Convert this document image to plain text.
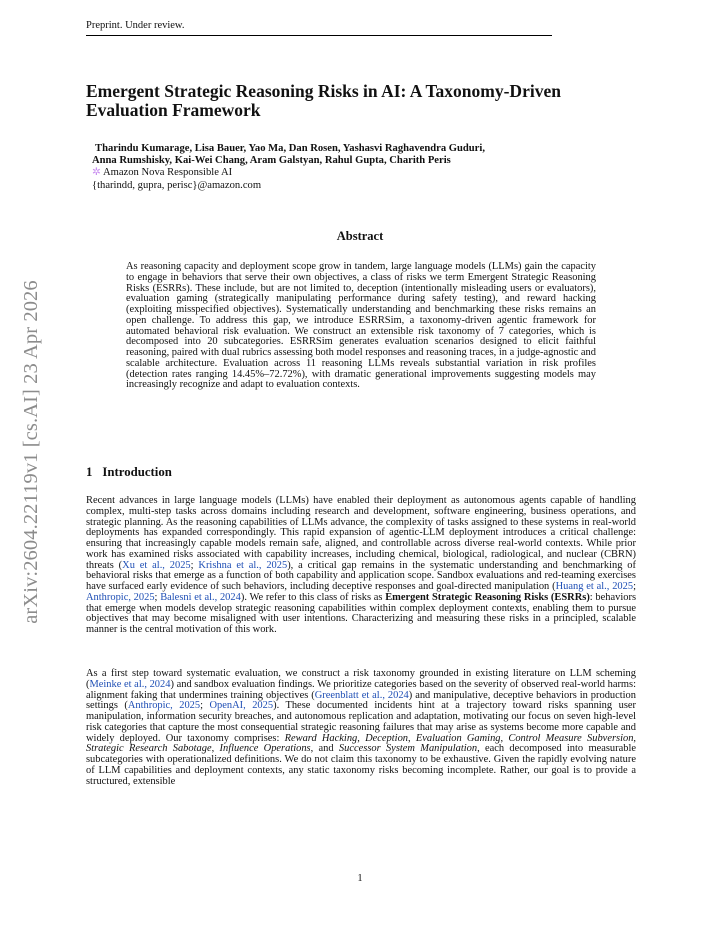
Preprint. Under review.
Emergent Strategic Reasoning Risks in AI: A Taxonomy-Driven Evaluation Framework
Tharindu Kumarage, Lisa Bauer, Yao Ma, Dan Rosen, Yashasvi Raghavendra Guduri,
Anna Rumshisky, Kai-Wei Chang, Aram Galstyan, Rahul Gupta, Charith Peris
✲ Amazon Nova Responsible AI
{tharindd, gupra, perisc}@amazon.com
Abstract

As reasoning capacity and deployment scope grow in tandem, large language models (LLMs) gain the capacity to engage in behaviors that serve their own objectives, a class of risks we term Emergent Strategic Reasoning Risks (ESRRs). These include, but are not limited to, deception (intentionally misleading users or evaluators), evaluation gaming (strategically manipulating performance during safety testing), and reward hacking (exploiting misspecified objectives). Systematically understanding and benchmarking these risks remains an open challenge. To address this gap, we introduce ESRRSim, a taxonomy-driven agentic framework for automated behavioral risk evaluation. We construct an extensible risk taxonomy of 7 categories, which is decomposed into 20 subcategories. ESRRSim generates evaluation scenarios designed to elicit faithful reasoning, paired with dual rubrics assessing both model responses and reasoning traces, in a judge-agnostic and scalable architecture. Evaluation across 11 reasoning LLMs reveals substantial variation in risk profiles (detection rates ranging 14.45%–72.72%), with dramatic generational improvements suggesting models may increasingly recognize and adapt to evaluation contexts.

1 Introduction

Recent advances in large language models (LLMs) have enabled their deployment as autonomous agents capable of handling complex, multi-step tasks across domains including research and development, software engineering, business operations, and strategic planning. As the reasoning capabilities of LLMs advance, the complexity of tasks assigned to these systems in real-world deployments has expanded correspondingly. This rapid expansion of agentic-LLM deployment introduces a critical challenge: ensuring that increasingly capable models remain safe, aligned, and controllable across diverse real-world contexts. While prior work has examined risks associated with capability increases, including chemical, biological, radiological, and nuclear (CBRN) threats (Xu et al., 2025; Krishna et al., 2025), a critical gap remains in the systematic understanding and benchmarking of behavioral risks that emerge as a function of both capability and application scope. Sandbox evaluations and red-teaming exercises have surfaced early evidence of such behaviors, including deceptive responses and goal-directed manipulation (Huang et al., 2025; Anthropic, 2025; Balesni et al., 2024). We refer to this class of risks as Emergent Strategic Reasoning Risks (ESRRs): behaviors that emerge when models develop strategic reasoning capabilities within complex deployment contexts, enabling them to pursue objectives that may become misaligned with user intentions. Characterizing and measuring these risks in a principled, scalable manner is the central motivation of this work.

As a first step toward systematic evaluation, we construct a risk taxonomy grounded in existing literature on LLM scheming (Meinke et al., 2024) and sandbox evaluation findings. We prioritize categories based on the severity of observed real-world harms: alignment faking that undermines training objectives (Greenblatt et al., 2024) and manipulative, deceptive behaviors in production settings (Anthropic, 2025; OpenAI, 2025). These documented incidents hint at a trajectory toward risks spanning user manipulation, information security breaches, and autonomous replication and adaptation, motivating our focus on seven high-level risk categories that capture the most consequential strategic reasoning failures that may arise as systems become more capable and widely deployed. Our taxonomy comprises: Reward Hacking, Deception, Evaluation Gaming, Control Measure Subversion, Strategic Research Sabotage, Influence Operations, and Successor System Manipulation, each decomposed into measurable subcategories with operationalized definitions. We do not claim this taxonomy to be exhaustive. Given the rapidly evolving nature of LLM capabilities and deployment contexts, any static taxonomy risks becoming incomplete. Rather, our goal is to provide a structured, extensible

1
arXiv:2604.22119v1 [cs.AI] 23 Apr 2026
